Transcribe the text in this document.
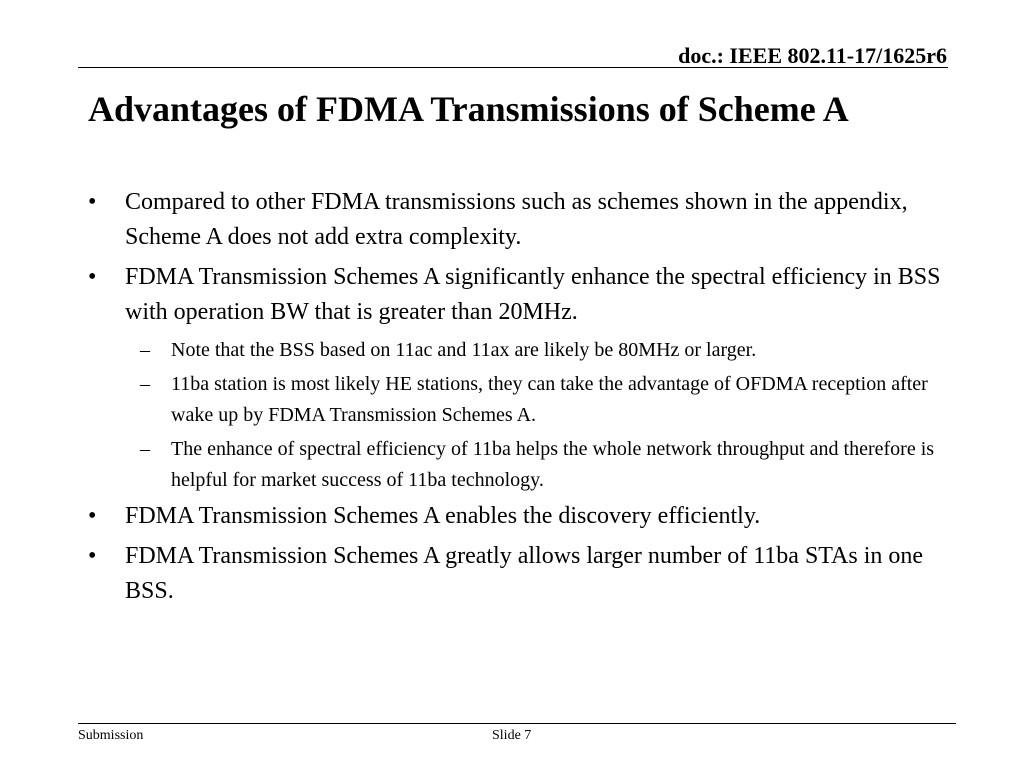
doc.: IEEE 802.11-17/1625r6
Advantages of FDMA Transmissions of Scheme A
• Compared to other FDMA transmissions such as schemes shown in the appendix, Scheme A does not add extra complexity.
• FDMA Transmission Schemes A significantly enhance the spectral efficiency in BSS with operation BW that is greater than 20MHz.
– Note that the BSS based on 11ac and 11ax are likely be 80MHz or larger.
– 11ba station is most likely HE stations, they can take the advantage of OFDMA reception after wake up by FDMA Transmission Schemes A.
– The enhance of spectral efficiency of 11ba helps the whole network throughput and therefore is helpful for market success of 11ba technology.
• FDMA Transmission Schemes A enables the discovery efficiently.
• FDMA Transmission Schemes A greatly allows larger number of 11ba STAs in one BSS.
Submission	Slide 7
